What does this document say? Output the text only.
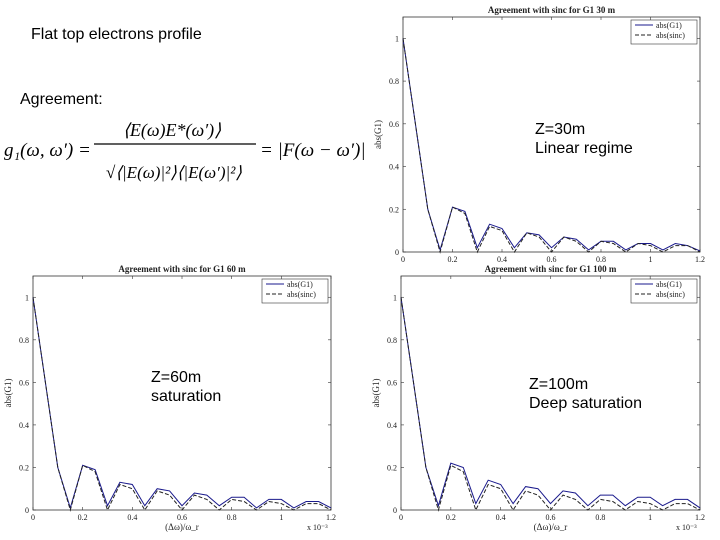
Flat top electrons profile
Agreement:
g₁(ω, ω′) =
⟨E(ω)E*(ω′)⟩
√⟨|E(ω)|²⟩⟨|E(ω′)|²⟩
= |F(ω − ω′)|
Agreement with sinc for G1 30 m
0
0.2
0.4
0.6
0.8
1
0	0.2	0.4	0.6	0.8	1	1.2
abs(G1)
abs(G1)
abs(sinc)
Agreement with sinc for G1 60 m
0
0.2
0.4
0.6
0.8
1
0	0.2	0.4	0.6	0.8	1	1.2
abs(G1)
(Δω)/ω_r	x 10⁻³
abs(G1)
abs(sinc)
Agreement with sinc for G1 100 m
0
0.2
0.4
0.6
0.8
1
0	0.2	0.4	0.6	0.8	1	1.2
abs(G1)
(Δω)/ω_r	x 10⁻³
abs(G1)
abs(sinc)
Z=30m
Linear regime
Z=60m
saturation
Z=100m
Deep saturation
